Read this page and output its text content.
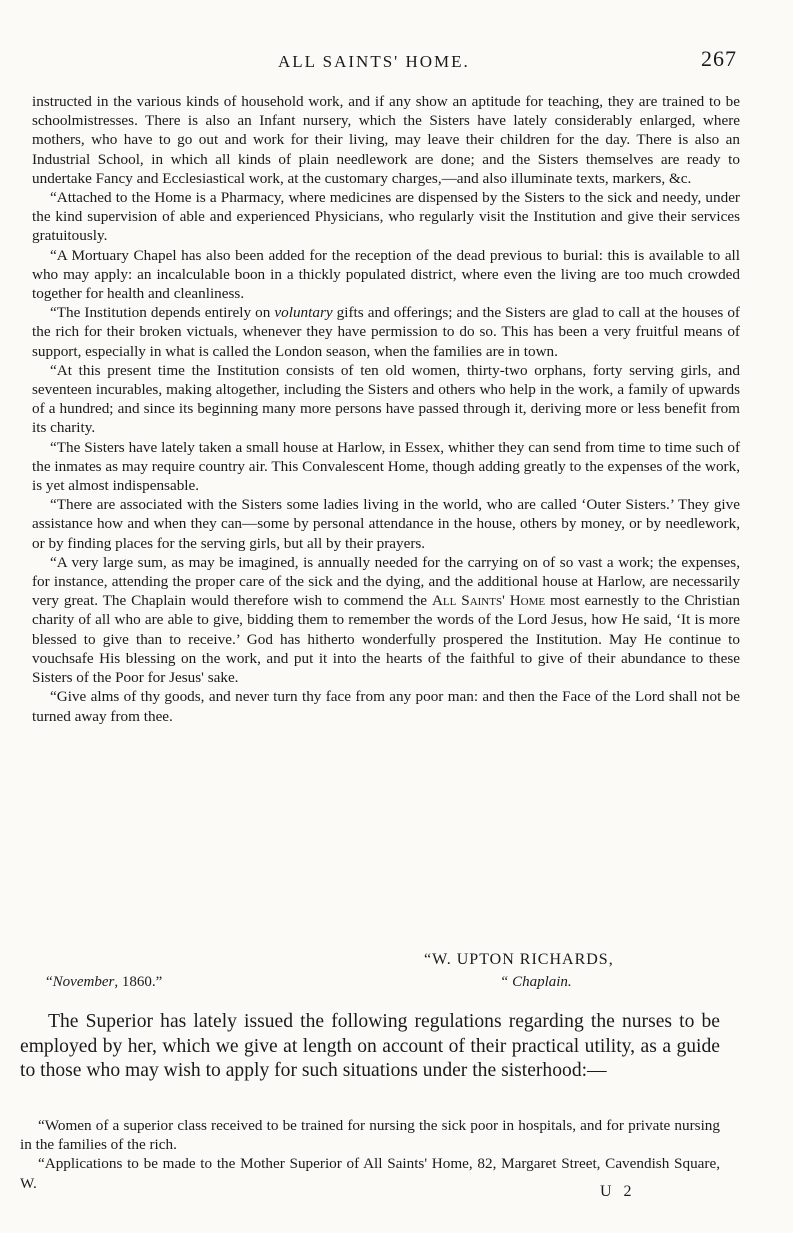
ALL SAINTS' HOME.	267

instructed in the various kinds of household work, and if any show an aptitude for teaching, they are trained to be schoolmistresses. There is also an Infant nursery, which the Sisters have lately considerably enlarged, where mothers, who have to go out and work for their living, may leave their children for the day. There is also an Industrial School, in which all kinds of plain needlework are done; and the Sisters themselves are ready to undertake Fancy and Ecclesiastical work, at the customary charges,—and also illuminate texts, markers, &c.

“Attached to the Home is a Pharmacy, where medicines are dispensed by the Sisters to the sick and needy, under the kind supervision of able and experienced Physicians, who regularly visit the Institution and give their services gratuitously.

“A Mortuary Chapel has also been added for the reception of the dead previous to burial: this is available to all who may apply: an incalculable boon in a thickly populated district, where even the living are too much crowded together for health and cleanliness.

“The Institution depends entirely on voluntary gifts and offerings; and the Sisters are glad to call at the houses of the rich for their broken victuals, whenever they have permission to do so. This has been a very fruitful means of support, especially in what is called the London season, when the families are in town.

“At this present time the Institution consists of ten old women, thirty-two orphans, forty serving girls, and seventeen incurables, making altogether, including the Sisters and others who help in the work, a family of upwards of a hundred; and since its beginning many more persons have passed through it, deriving more or less benefit from its charity.

“The Sisters have lately taken a small house at Harlow, in Essex, whither they can send from time to time such of the inmates as may require country air. This Convalescent Home, though adding greatly to the expenses of the work, is yet almost indispensable.

“There are associated with the Sisters some ladies living in the world, who are called ‘Outer Sisters.’ They give assistance how and when they can—some by personal attendance in the house, others by money, or by needlework, or by finding places for the serving girls, but all by their prayers.

“A very large sum, as may be imagined, is annually needed for the carrying on of so vast a work; the expenses, for instance, attending the proper care of the sick and the dying, and the additional house at Harlow, are necessarily very great. The Chaplain would therefore wish to commend the All Saints' Home most earnestly to the Christian charity of all who are able to give, bidding them to remember the words of the Lord Jesus, how He said, ‘It is more blessed to give than to receive.’ God has hitherto wonderfully prospered the Institution. May He continue to vouchsafe His blessing on the work, and put it into the hearts of the faithful to give of their abundance to these Sisters of the Poor for Jesus' sake.

“Give alms of thy goods, and never turn thy face from any poor man: and then the Face of the Lord shall not be turned away from thee.

“W. UPTON RICHARDS,
“November, 1860.”	“ Chaplain.

The Superior has lately issued the following regulations regarding the nurses to be employed by her, which we give at length on account of their practical utility, as a guide to those who may wish to apply for such situations under the sisterhood:—

“Women of a superior class received to be trained for nursing the sick poor in hospitals, and for private nursing in the families of the rich.

“Applications to be made to the Mother Superior of All Saints' Home, 82, Margaret Street, Cavendish Square, W.	U 2
